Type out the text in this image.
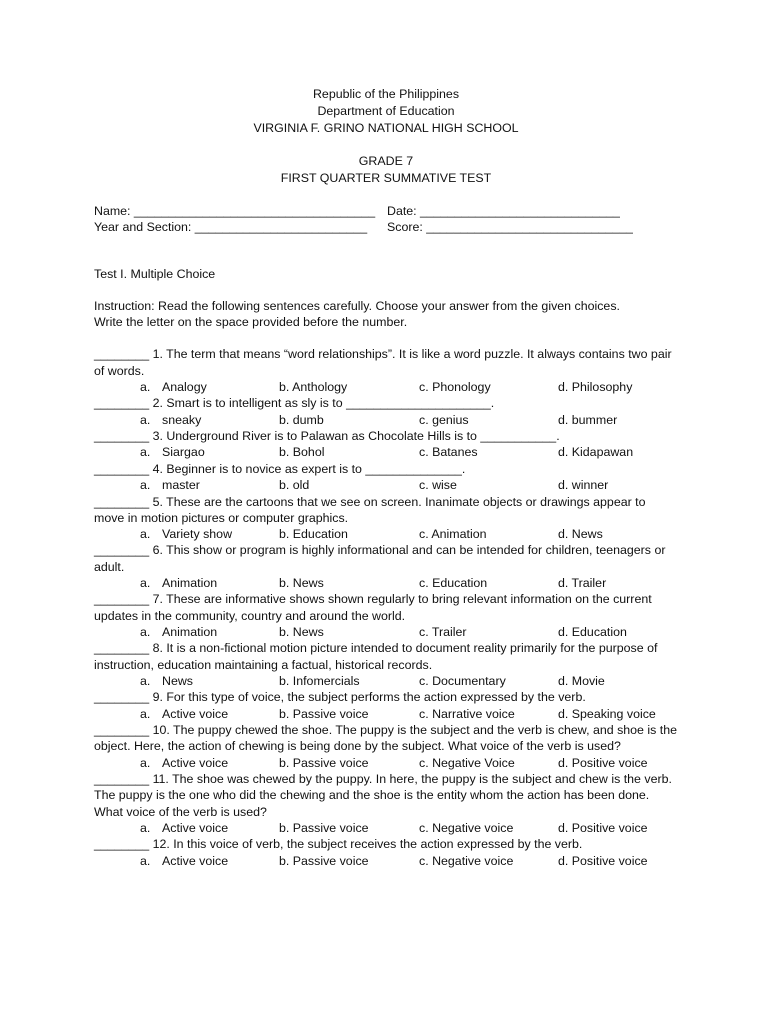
Republic of the Philippines
Department of Education
VIRGINIA F. GRINO NATIONAL HIGH SCHOOL
GRADE 7
FIRST QUARTER SUMMATIVE TEST
Name: ___________________________________ Date: _____________________________
Year and Section: _________________________	Score: ______________________________
Test I. Multiple Choice

Instruction: Read the following sentences carefully. Choose your answer from the given choices.

Write the letter on the space provided before the number.

________ 1. The term that means “word relationships”. It is like a word puzzle. It always contains two pair of words.

a. Analogy	b. Anthology	c. Phonology	d. Philosophy

________ 2. Smart is to intelligent as sly is to _____________________.

a. sneaky	b. dumb	c. genius	d. bummer

________ 3. Underground River is to Palawan as Chocolate Hills is to ___________.

a. Siargao	b. Bohol	c. Batanes	d. Kidapawan

________ 4. Beginner is to novice as expert is to ______________.

a. master	b. old	c. wise	d. winner

________ 5. These are the cartoons that we see on screen. Inanimate objects or drawings appear to move in motion pictures or computer graphics.

a. Variety show	b. Education	c. Animation	d. News

________ 6. This show or program is highly informational and can be intended for children, teenagers or adult.

a. Animation	b. News	c. Education	d. Trailer

________ 7. These are informative shows shown regularly to bring relevant information on the current updates in the community, country and around the world.

a. Animation	b. News	c. Trailer	d. Education

________ 8. It is a non-fictional motion picture intended to document reality primarily for the purpose of instruction, education maintaining a factual, historical records.

a. News	b. Infomercials	c. Documentary	d. Movie

________ 9. For this type of voice, the subject performs the action expressed by the verb.

a. Active voice	b. Passive voice	c. Narrative voice	d. Speaking voice

________ 10. The puppy chewed the shoe. The puppy is the subject and the verb is chew, and shoe is the object. Here, the action of chewing is being done by the subject. What voice of the verb is used?

a. Active voice	b. Passive voice	c. Negative Voice	d. Positive voice

________ 11. The shoe was chewed by the puppy. In here, the puppy is the subject and chew is the verb. The puppy is the one who did the chewing and the shoe is the entity whom the action has been done. What voice of the verb is used?

a. Active voice	b. Passive voice	c. Negative voice	d. Positive voice

________ 12. In this voice of verb, the subject receives the action expressed by the verb.

a. Active voice	b. Passive voice	c. Negative voice	d. Positive voice
